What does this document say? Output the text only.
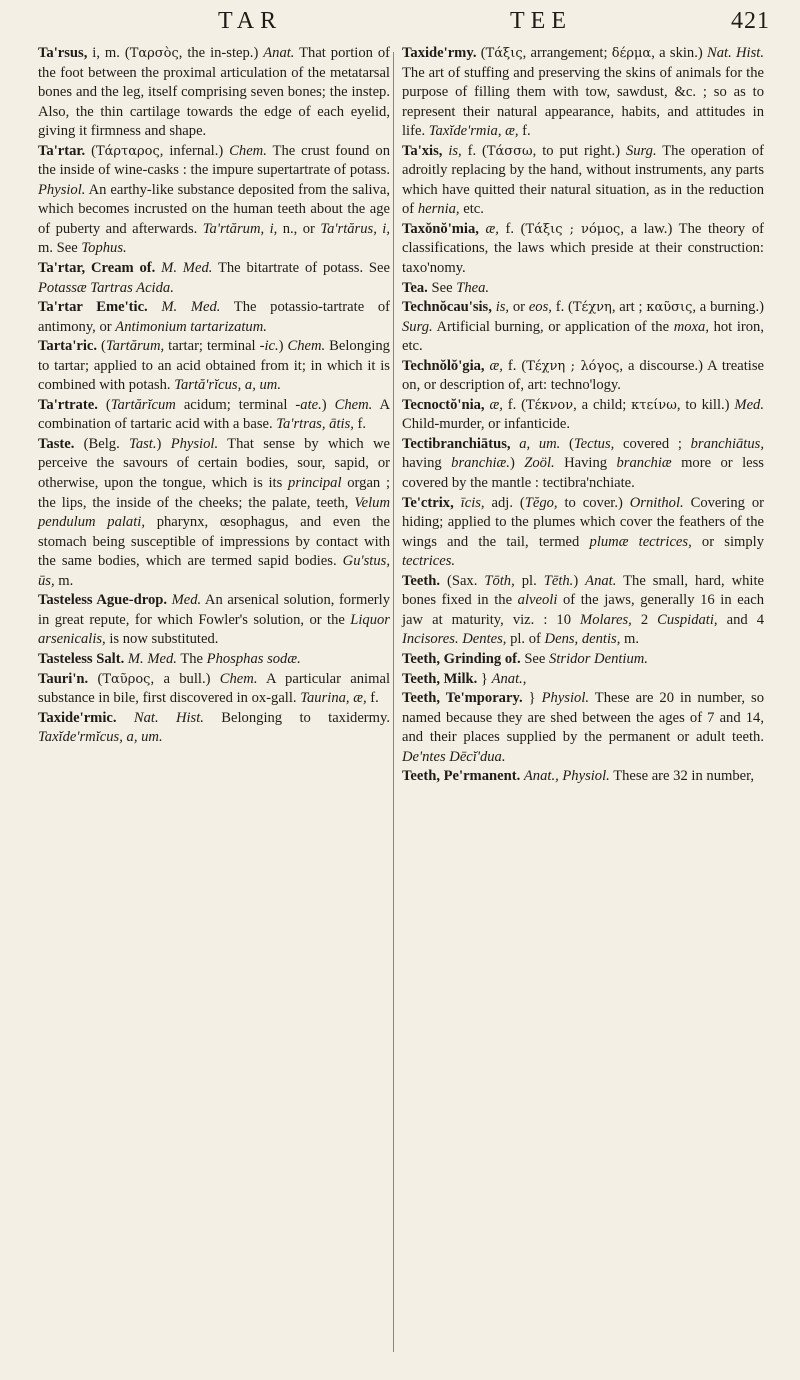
TAR	TEE	421

Ta'rsus, i, m. (Ταρσὸς, the in-step.) Anat. That portion of the foot between the proximal articulation of the metatarsal bones and the leg, itself comprising seven bones; the instep. Also, the thin cartilage towards the edge of each eyelid, giving it firmness and shape.

Ta'rtar. (Τάρταρος, infernal.) Chem. The crust found on the inside of wine-casks : the impure supertartrate of potass. Physiol. An earthy-like substance deposited from the saliva, which becomes incrusted on the human teeth about the age of puberty and afterwards. Ta'rtărum, i, n., or Ta'rtărus, i, m. See Tophus.

Ta'rtar, Cream of. M. Med. The bitartrate of potass. See Potassæ Tartras Acida.

Ta'rtar Eme'tic. M. Med. The potassio-tartrate of antimony, or Antimonium tartarizatum.

Tarta'ric. (Tartărum, tartar; terminal -ic.) Chem. Belonging to tartar; applied to an acid obtained from it; in which it is combined with potash. Tartă'rĭcus, a, um.

Ta'rtrate. (Tartărĭcum acidum; terminal -ate.) Chem. A combination of tartaric acid with a base. Ta'rtras, ātis, f.

Taste. (Belg. Tast.) Physiol. That sense by which we perceive the savours of certain bodies, sour, sapid, or otherwise, upon the tongue, which is its principal organ ; the lips, the inside of the cheeks; the palate, teeth, Velum pendulum palati, pharynx, œsophagus, and even the stomach being susceptible of impressions by contact with the same bodies, which are termed sapid bodies. Gu'stus, ūs, m.

Tasteless Ague-drop. Med. An arsenical solution, formerly in great repute, for which Fowler's solution, or the Liquor arsenicalis, is now substituted.

Tasteless Salt. M. Med. The Phosphas sodæ.

Tauri'n. (Ταῦρος, a bull.) Chem. A particular animal substance in bile, first discovered in ox-gall. Taurina, æ, f.

Taxide'rmic. Nat. Hist. Belonging to taxidermy. Taxĭde'rmĭcus, a, um.

Taxide'rmy. (Τάξις, arrangement; δέρμα, a skin.) Nat. Hist. The art of stuffing and preserving the skins of animals for the purpose of filling them with tow, sawdust, &c. ; so as to represent their natural appearance, habits, and attitudes in life. Taxĭde'rmia, æ, f.

Ta'xis, is, f. (Τάσσω, to put right.) Surg. The operation of adroitly replacing by the hand, without instruments, any parts which have quitted their natural situation, as in the reduction of hernia, etc.

Taxŏnŏ'mia, æ, f. (Τάξις ; νόμος, a law.) The theory of classifications, the laws which preside at their construction: taxo'nomy.

Tea. See Thea.

Technŏcau'sis, is, or eos, f. (Τέχνη, art ; καῦσις, a burning.) Surg. Artificial burning, or application of the moxa, hot iron, etc.

Technŏlŏ'gia, æ, f. (Τέχνη ; λόγος, a discourse.) A treatise on, or description of, art: techno'logy.

Tecnoctŏ'nia, æ, f. (Τέκνον, a child; κτείνω, to kill.) Med. Child-murder, or infanticide.

Tectibranchiātus, a, um. (Tectus, covered ; branchiātus, having branchiæ.) Zoöl. Having branchiæ more or less covered by the mantle : tectibra'nchiate.

Te'ctrix, īcis, adj. (Tĕgo, to cover.) Ornithol. Covering or hiding; applied to the plumes which cover the feathers of the wings and the tail, termed plumæ tectrices, or simply tectrices.

Teeth. (Sax. Tōth, pl. Tēth.) Anat. The small, hard, white bones fixed in the alveoli of the jaws, generally 16 in each jaw at maturity, viz. : 10 Molares, 2 Cuspidati, and 4 Incisores. Dentes, pl. of Dens, dentis, m.

Teeth, Grinding of. See Stridor Dentium.

Teeth, Milk. } Anat.,

Teeth, Te'mporary. } Physiol. These are 20 in number, so named because they are shed between the ages of 7 and 14, and their places supplied by the permanent or adult teeth. De'ntes Dēcĭ'dua.

Teeth, Pe'rmanent. Anat., Physiol. These are 32 in number,
